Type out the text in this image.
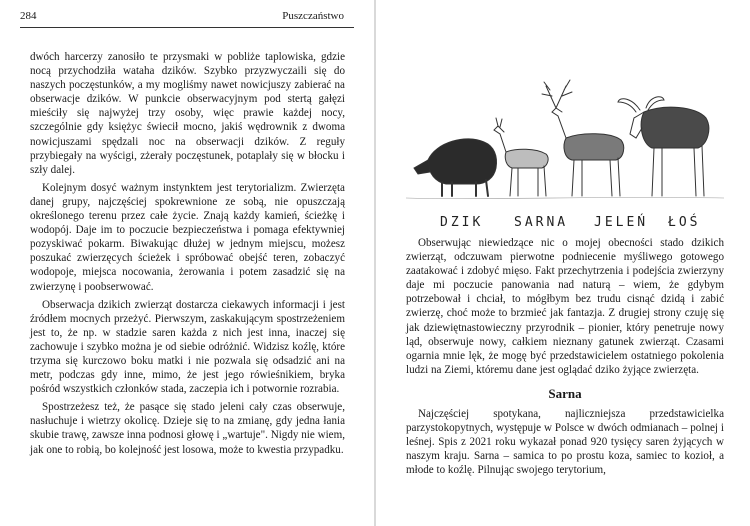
284	Puszczaństwo

dwóch harcerzy zanosiło te przysmaki w pobliże taplowiska, gdzie nocą przychodziła wataha dzików. Szybko przyzwyczaili się do naszych poczęstunków, a my mogliśmy nawet nowicjuszy zabierać na obserwacje dzików. W punkcie obserwacyjnym pod stertą gałęzi mieściły się najwyżej trzy osoby, więc prawie każdej nocy, szczególnie gdy księżyc świecił mocno, jakiś wędrownik z dwoma nowicjuszami spędzali noc na obserwacji dzików. Z reguły przybiegały na wyścigi, zżerały poczęstunek, potaplały się w błocku i szły dalej.

Kolejnym dosyć ważnym instynktem jest terytorializm. Zwierzęta danej grupy, najczęściej spokrewnione ze sobą, nie opuszczają określonego terenu przez całe życie. Znają każdy kamień, ścieżkę i wodopój. Daje im to poczucie bezpieczeństwa i pomaga efektywniej pozyskiwać pokarm. Biwakując dłużej w jednym miejscu, możesz poszukać zwierzęcych ścieżek i spróbować obejść teren, zobaczyć wodopoje, miejsca nocowania, żerowania i potem zasadzić się na zwierzynę i poobserwować.

Obserwacja dzikich zwierząt dostarcza ciekawych informacji i jest źródłem mocnych przeżyć. Pierwszym, zaskakującym spostrzeżeniem jest to, że np. w stadzie saren każda z nich jest inna, inaczej się zachowuje i szybko można je od siebie odróżnić. Widzisz koźlę, które trzyma się kurczowo boku matki i nie pozwala się odsadzić ani na metr, podczas gdy inne, mimo, że jest jego rówieśnikiem, bryka pośród wszystkich członków stada, zaczepia ich i potwornie rozrabia.

Spostrzeżesz też, że pasące się stado jeleni cały czas obserwuje, nasłuchuje i wietrzy okolicę. Dzieje się to na zmianę, gdy jedna łania skubie trawę, zawsze inna podnosi głowę i „wartuje". Nigdy nie wiem, jak one to robią, bo kolejność jest losowa, może to kwestia przypadku.

DZIK SARNA JELEŃ ŁOŚ

Obserwując niewiedzące nic o mojej obecności stado dzikich zwierząt, odczuwam pierwotne podniecenie myśliwego gotowego zaatakować i zdobyć mięso. Fakt przechytrzenia i podejścia zwierzyny daje mi poczucie panowania nad naturą – wiem, że gdybym potrzebował i chciał, to mógłbym bez trudu cisnąć dzidą i zabić zwierzę, choć może to brzmieć jak fantazja. Z drugiej strony czuję się jak dziewiętnastowieczny przyrodnik – pionier, który penetruje nowy ląd, obserwuje nowy, całkiem nieznany gatunek zwierząt. Czasami ogarnia mnie lęk, że mogę być przedstawicielem ostatniego pokolenia ludzi na Ziemi, któremu dane jest oglądać dziko żyjące zwierzęta.

Sarna

Najczęściej spotykana, najliczniejsza przedstawicielka parzystokopytnych, występuje w Polsce w dwóch odmianach – polnej i leśnej. Spis z 2021 roku wykazał ponad 920 tysięcy saren żyjących w naszym kraju. Sarna – samica to po prostu koza, samiec to kozioł, a młode to koźlę. Pilnując swojego terytorium,
